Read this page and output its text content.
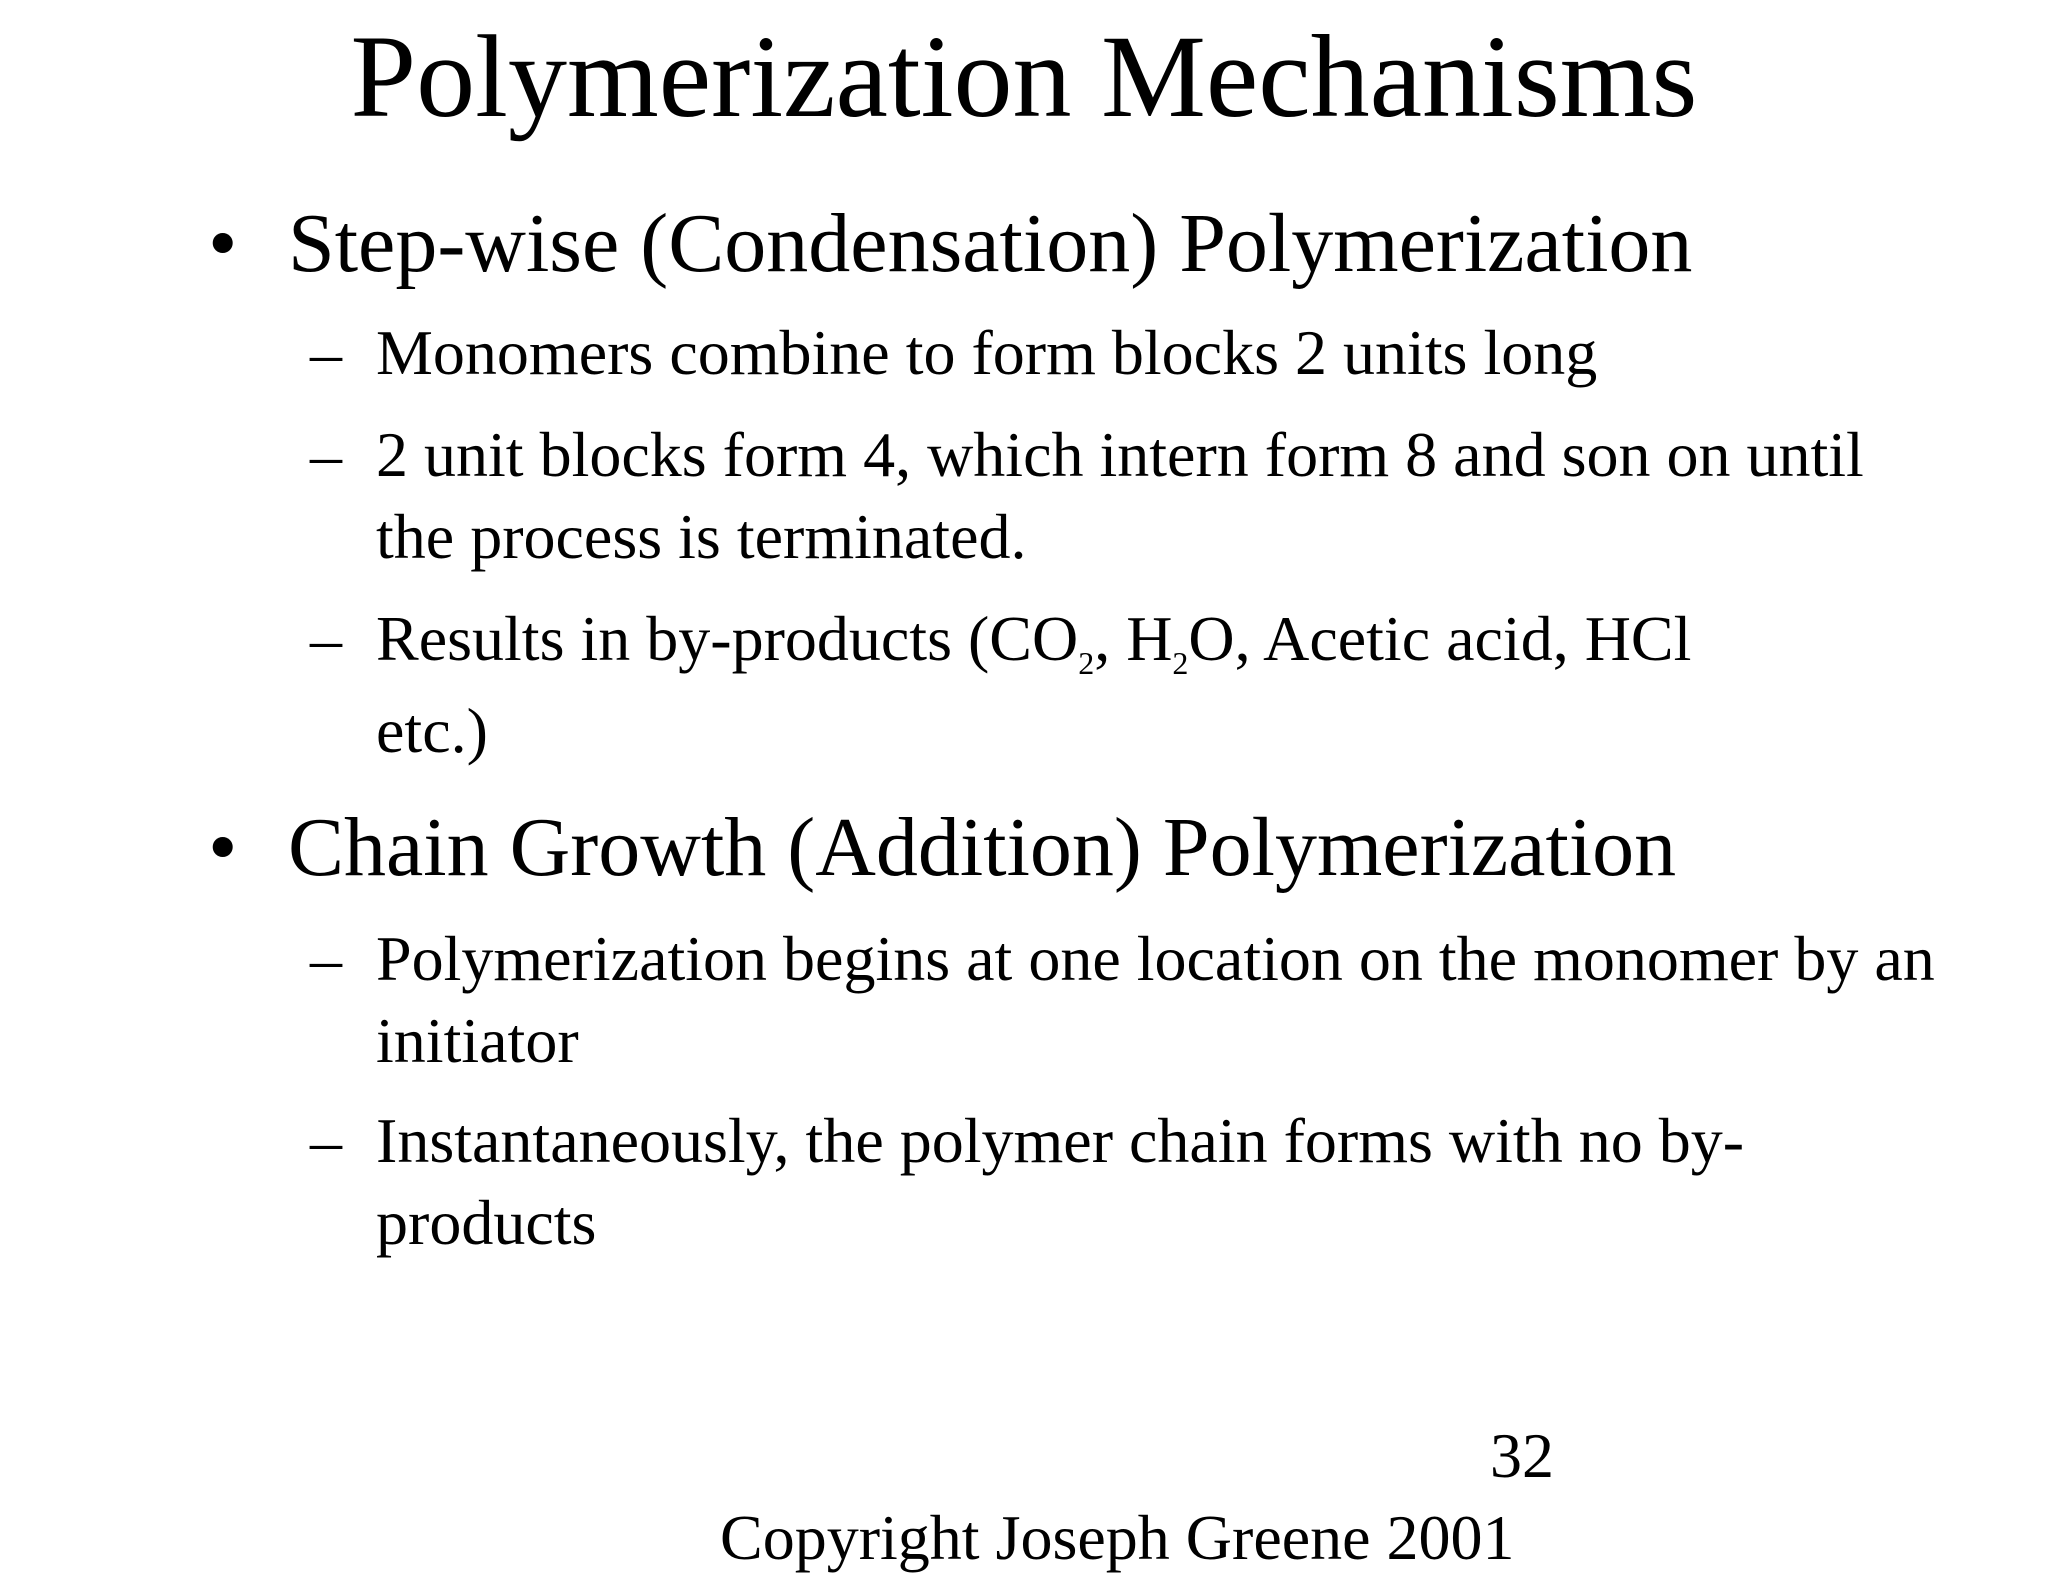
Polymerization Mechanisms
• Step-wise (Condensation) Polymerization
– Monomers combine to form blocks 2 units long
– 2 unit blocks form 4, which intern form 8 and son on until the process is terminated.
– Results in by-products ($CO_2$, $H_2O$, Acetic acid, HCl
etc.)
• Chain Growth (Addition) Polymerization
– Polymerization begins at one location on the monomer by an initiator
– Instantaneously, the polymer chain forms with no by-products
32
Copyright Joseph Greene 2001
